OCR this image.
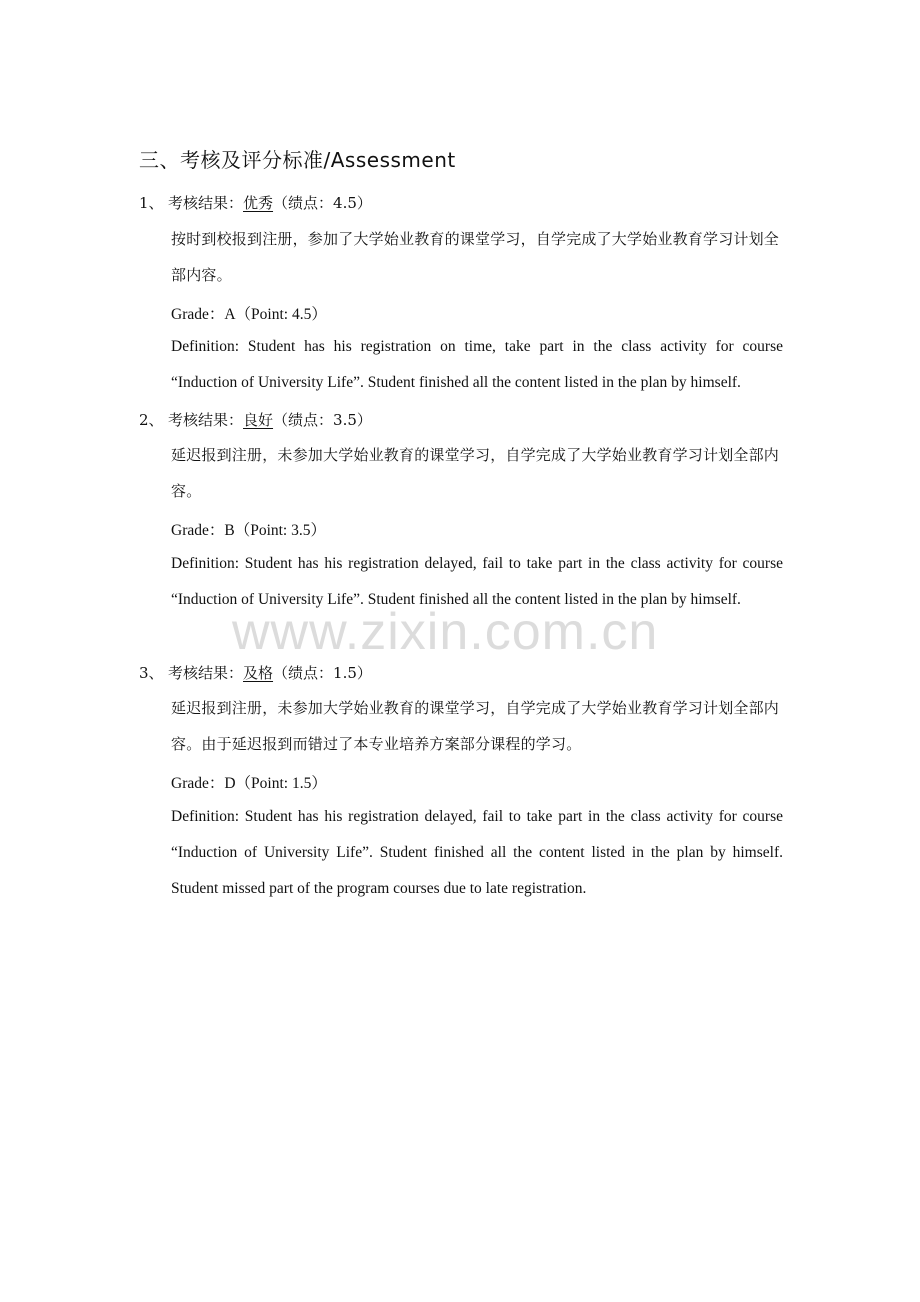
三、考核及评分标准/Assessment
1、 考核结果：优秀（绩点：4.5）
按时到校报到注册，参加了大学始业教育的课堂学习，自学完成了大学始业教育学习计划全部内容。
Grade：A（Point: 4.5）
Definition: Student has his registration on time, take part in the class activity for course “Induction of University Life”. Student finished all the content listed in the plan by himself.
2、 考核结果：良好（绩点：3.5）
延迟报到注册，未参加大学始业教育的课堂学习，自学完成了大学始业教育学习计划全部内容。
Grade：B（Point: 3.5）
Definition: Student has his registration delayed, fail to take part in the class activity for course “Induction of University Life”. Student finished all the content listed in the plan by himself.
3、 考核结果：及格（绩点：1.5）
延迟报到注册，未参加大学始业教育的课堂学习，自学完成了大学始业教育学习计划全部内容。由于延迟报到而错过了本专业培养方案部分课程的学习。
Grade：D（Point: 1.5）
Definition: Student has his registration delayed, fail to take part in the class activity for course “Induction of University Life”. Student finished all the content listed in the plan by himself. Student missed part of the program courses due to late registration.
www.zixin.com.cn
